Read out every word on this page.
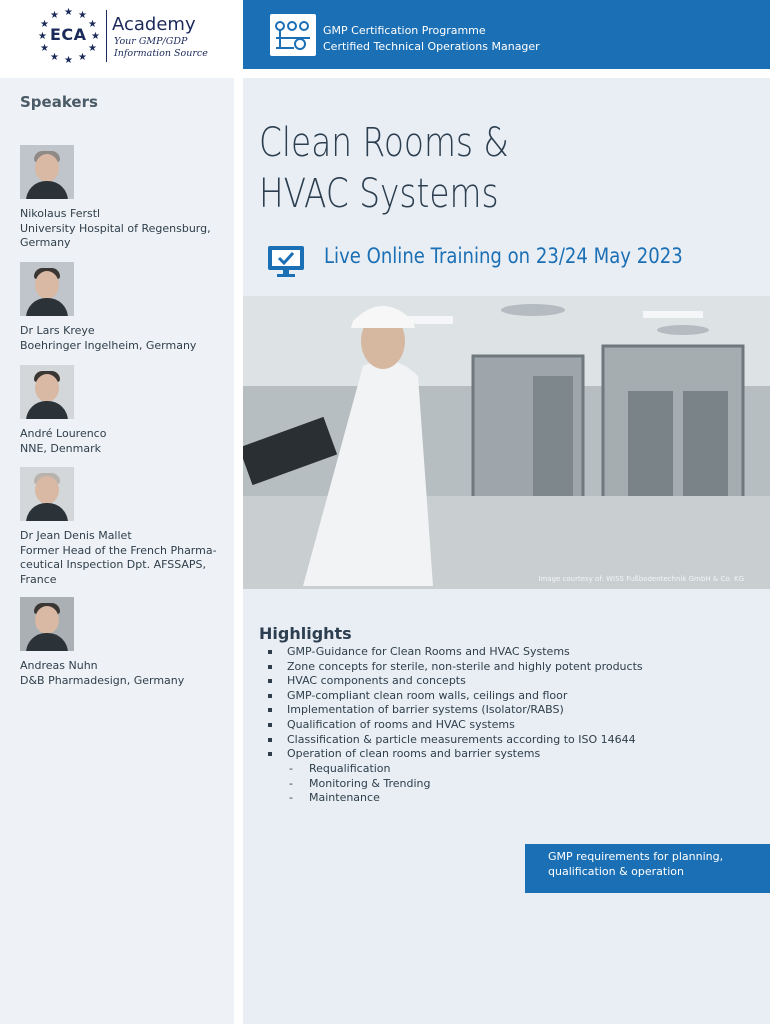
★ ★
★
★
★
★
★
★
★
★
★
★
ECA Academy
Your GMP/GDP
Information Source
GMP Certification Programme
Certified Technical Operations Manager
Speakers
Nikolaus Ferstl
University Hospital of Regensburg,
Germany
Dr Lars Kreye
Boehringer Ingelheim, Germany
André Lourenco
NNE, Denmark
Dr Jean Denis Mallet
Former Head of the French Pharma-
ceutical Inspection Dpt. AFSSAPS,
France
Andreas Nuhn
D&B Pharmadesign, Germany
Clean Rooms &
HVAC Systems
Live Online Training on 23/24 May 2023
Image courtesy of: WISS Fußbodentechnik GmbH & Co. KG
Highlights
GMP-Guidance for Clean Rooms and HVAC Systems
Zone concepts for sterile, non-sterile and highly potent products
HVAC components and concepts
GMP-compliant clean room walls, ceilings and floor
Implementation of barrier systems (Isolator/RABS)
Qualification of rooms and HVAC systems
Classification & particle measurements according to ISO 14644
Operation of clean rooms and barrier systems
- Requalification
- Monitoring & Trending
- Maintenance
GMP requirements for planning,
qualification & operation
